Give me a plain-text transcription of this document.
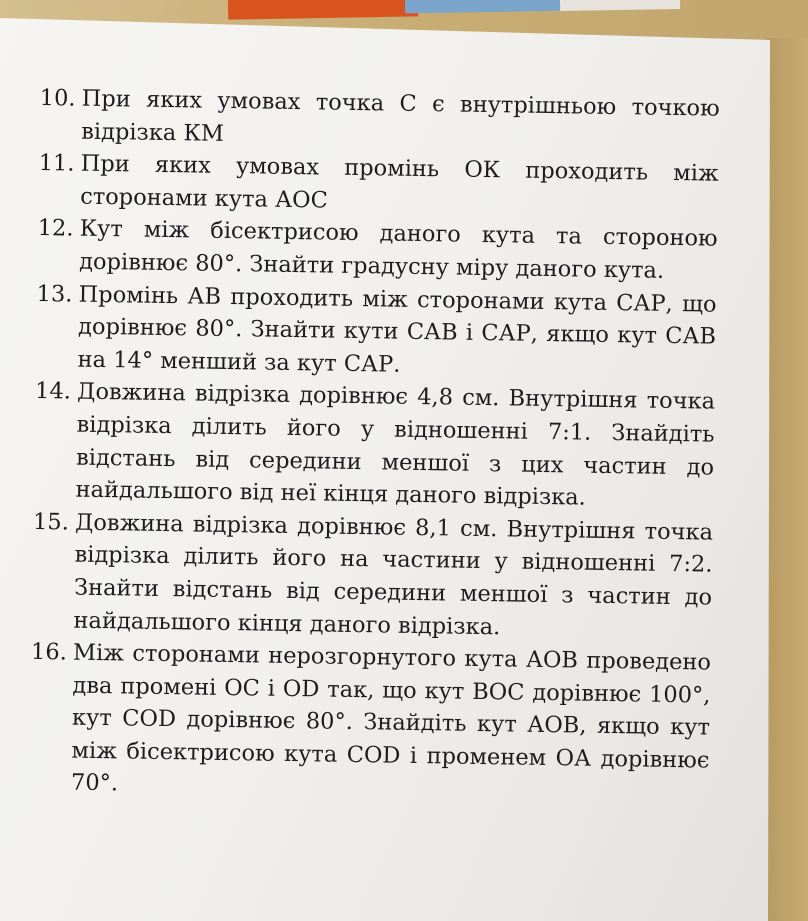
10. При яких умовах точка С є внутрішньою точкою
відрізка КМ
11. При яких умовах промінь ОК проходить між
сторонами кута АОС
12. Кут між бісектрисою даного кута та стороною
дорівнює 80°. Знайти градусну міру даного кута.
13. Промінь АВ проходить між сторонами кута САР, що
дорівнює 80°. Знайти кути САВ і САР, якщо кут САВ
на 14° менший за кут САР.
14. Довжина відрізка дорівнює 4,8 см. Внутрішня точка
відрізка ділить його у відношенні 7:1. Знайдіть
відстань від середини меншої з цих частин до
найдальшого від неї кінця даного відрізка.
15. Довжина відрізка дорівнює 8,1 см. Внутрішня точка
відрізка ділить його на частини у відношенні 7:2.
Знайти відстань від середини меншої з частин до
найдальшого кінця даного відрізка.
16. Між сторонами нерозгорнутого кута АОВ проведено
два промені ОС і OD так, що кут ВОС дорівнює 100°,
кут COD дорівнює 80°. Знайдіть кут АОВ, якщо кут
між бісектрисою кута COD і променем ОА дорівнює
70°.
